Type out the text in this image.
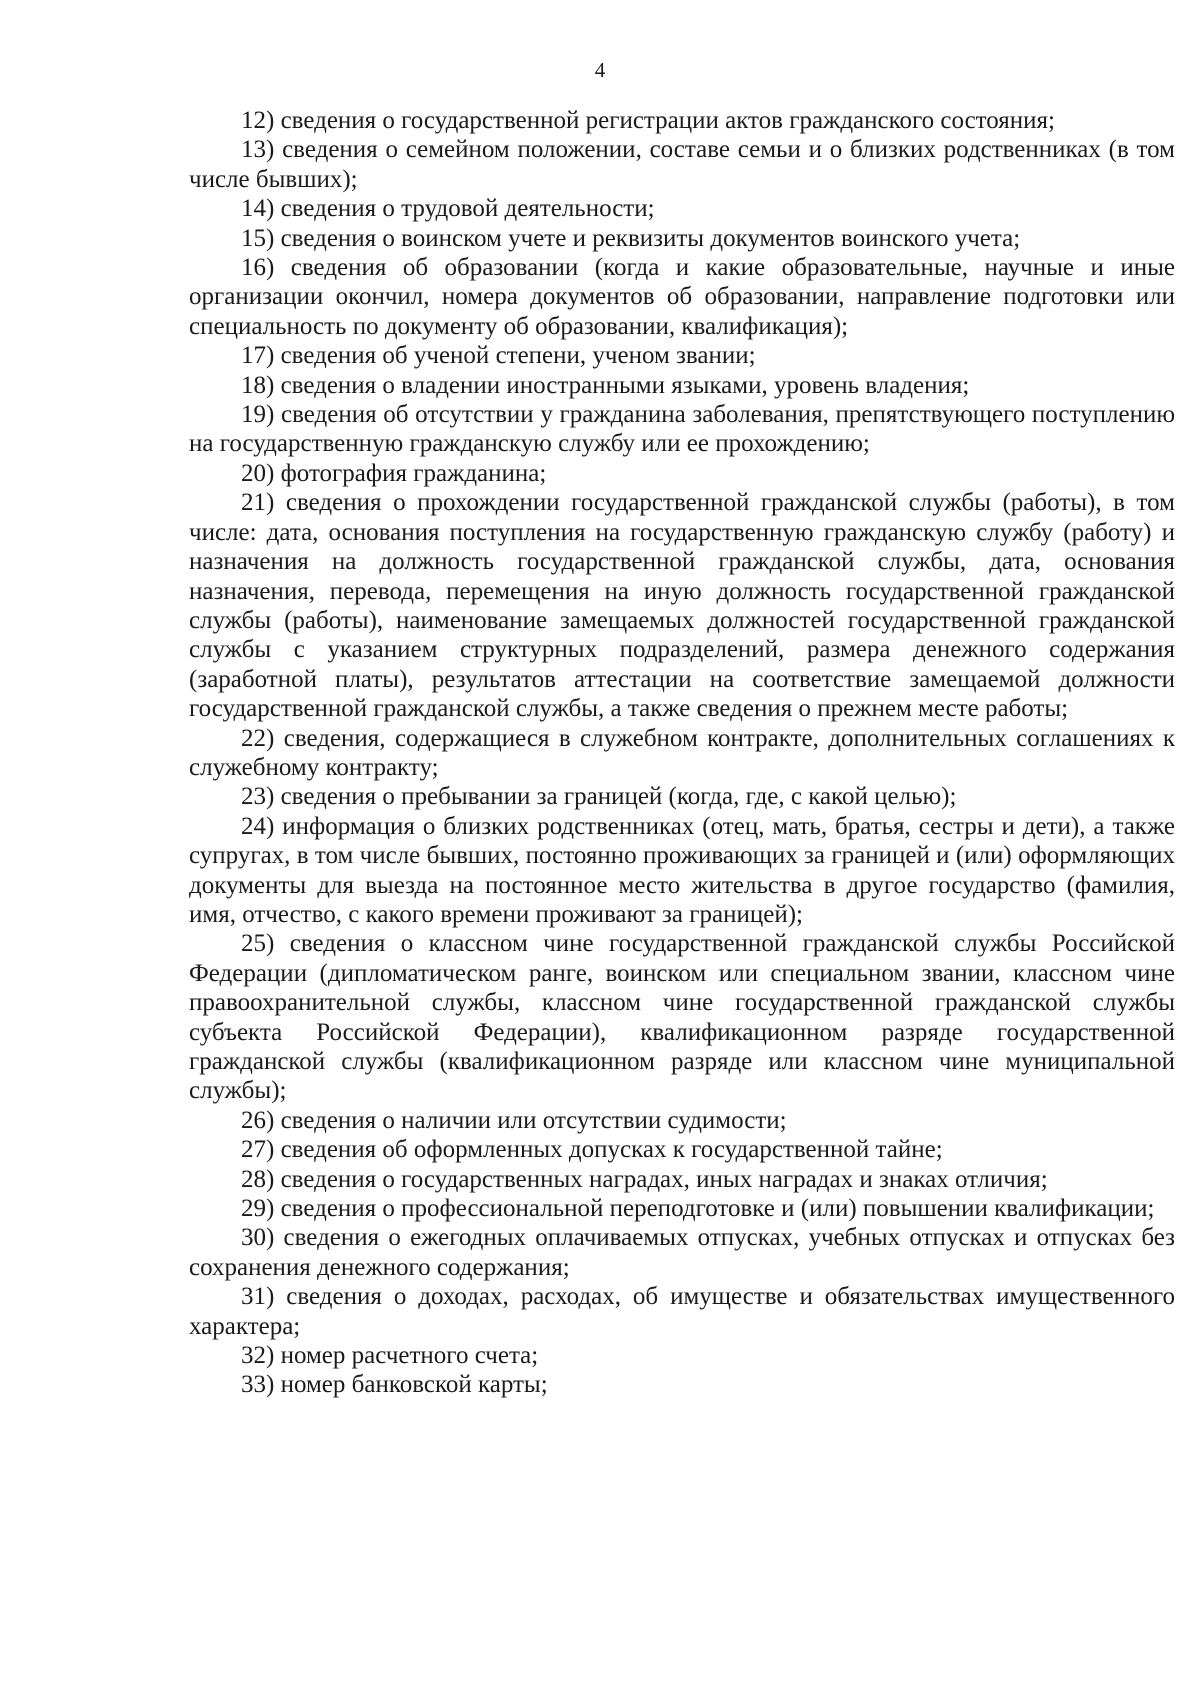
4

12) сведения о государственной регистрации актов гражданского состояния;

13) сведения о семейном положении, составе семьи и о близких родственниках (в том числе бывших);

14) сведения о трудовой деятельности;

15) сведения о воинском учете и реквизиты документов воинского учета;

16) сведения об образовании (когда и какие образовательные, научные и иные организации окончил, номера документов об образовании, направление подготовки или специальность по документу об образовании, квалификация);

17) сведения об ученой степени, ученом звании;

18) сведения о владении иностранными языками, уровень владения;

19) сведения об отсутствии у гражданина заболевания, препятствующего поступлению на государственную гражданскую службу или ее прохождению;

20) фотография гражданина;

21) сведения о прохождении государственной гражданской службы (работы), в том числе: дата, основания поступления на государственную гражданскую службу (работу) и назначения на должность государственной гражданской службы, дата, основания назначения, перевода, перемещения на иную должность государственной гражданской службы (работы), наименование замещаемых должностей государственной гражданской службы с указанием структурных подразделений, размера денежного содержания (заработной платы), результатов аттестации на соответствие замещаемой должности государственной гражданской службы, а также сведения о прежнем месте работы;

22) сведения, содержащиеся в служебном контракте, дополнительных соглашениях к служебному контракту;

23) сведения о пребывании за границей (когда, где, с какой целью);

24) информация о близких родственниках (отец, мать, братья, сестры и дети), а также супругах, в том числе бывших, постоянно проживающих за границей и (или) оформляющих документы для выезда на постоянное место жительства в другое государство (фамилия, имя, отчество, с какого времени проживают за границей);

25) сведения о классном чине государственной гражданской службы Российской Федерации (дипломатическом ранге, воинском или специальном звании, классном чине правоохранительной службы, классном чине государственной гражданской службы субъекта Российской Федерации), квалификационном разряде государственной гражданской службы (квалификационном разряде или классном чине муниципальной службы);

26) сведения о наличии или отсутствии судимости;

27) сведения об оформленных допусках к государственной тайне;

28) сведения о государственных наградах, иных наградах и знаках отличия;

29) сведения о профессиональной переподготовке и (или) повышении квалификации;

30) сведения о ежегодных оплачиваемых отпусках, учебных отпусках и отпусках без сохранения денежного содержания;

31) сведения о доходах, расходах, об имуществе и обязательствах имущественного характера;

32) номер расчетного счета;

33) номер банковской карты;
